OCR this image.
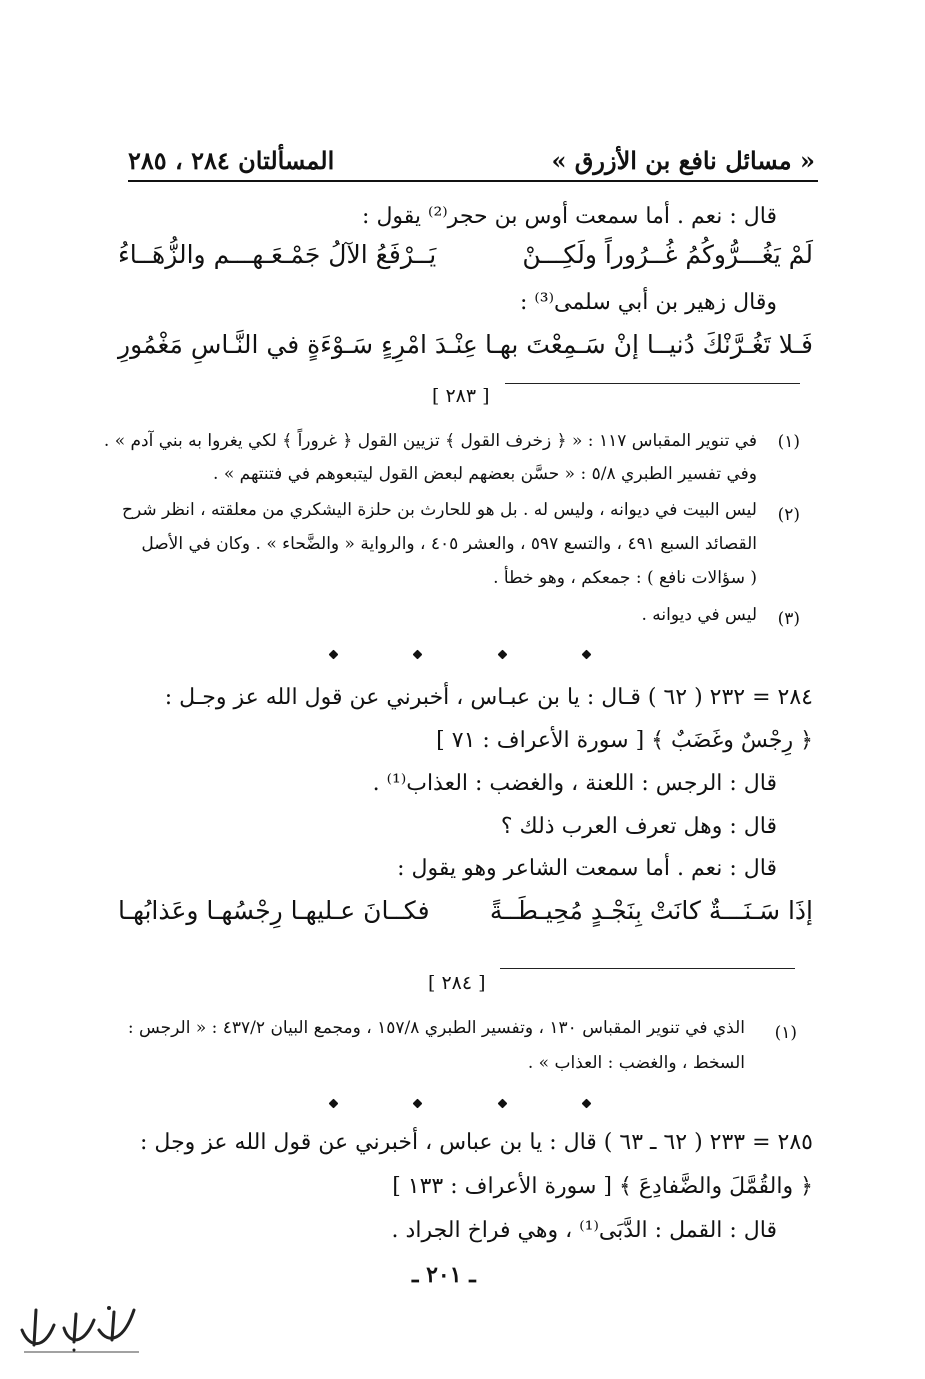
« مسائل نافع بن الأزرق »
المسألتان ٢٨٤ ، ٢٨٥
قال : نعم . أما سمعت أوس بن حجر⁽²⁾ يقول :
لَمْ يَغُـــرُّوكُمُ غُــرُوراً ولَكِـــنْ
يَــرْفَعُ الآلُ جَمْـعَـهـــم والزُّهَــاءُ
وقال زهير بن أبي سلمى⁽³⁾ :
فَـلا تَغُـرَّنْكَ دُنيــا إنْ سَـمِعْتَ بهـا
عِنْـدَ امْرِءٍ سَـوْءَةٍ في النَّـاسِ مَغْمُورِ
[ ٢٨٣ ]
(١)
في تنوير المقباس ١١٧ : « ﴿ زخرف القول ﴾ تزيين القول ﴿ غروراً ﴾ لكي يغروا به بني آدم » .
وفي تفسير الطبري ٥/٨ : « حسَّن بعضهم لبعض القول ليتبعوهم في فتنتهم » .
(٢)
ليس البيت في ديوانه ، وليس له . بل هو للحارث بن حلزة اليشكري من معلقته ، انظر شرح
القصائد السبع ٤٩١ ، والتسع ٥٩٧ ، والعشر ٤٠٥ ، والرواية « والضَّحاء » . وكان في الأصل
( سؤالات نافع ) : جمعكم ، وهو خطأ .
(٣)
ليس في ديوانه .
٢٨٤ = ٢٣٢ ( ٦٢ ) قـال : يا بن عبـاس ، أخبرني عن قول الله عز وجـل :
﴿ رِجْسٌ وغَضَبٌ ﴾ [ سورة الأعراف : ٧١ ]
قال : الرجس : اللعنة ، والغضب : العذاب⁽¹⁾ .
قال : وهل تعرف العرب ذلك ؟
قال : نعم . أما سمعت الشاعر وهو يقول :
إذَا سَـنَـــةٌ كانَتْ بِنَجْـدٍ مُحِيـطَــةً
فكــانَ عـليهـا رِجْسُهـا وعَذابُهـا
[ ٢٨٤ ]
(١)
الذي في تنوير المقباس ١٣٠ ، وتفسير الطبري ١٥٧/٨ ، ومجمع البيان ٤٣٧/٢ : « الرجس :
السخط ، والغضب : العذاب » .
٢٨٥ = ٢٣٣ ( ٦٢ ـ ٦٣ ) قال : يا بن عباس ، أخبرني عن قول الله عز وجل :
﴿ والقُمَّلَ والضَّفادِعَ ﴾ [ سورة الأعراف : ١٣٣ ]
قال : القمل : الدَّبَى⁽¹⁾ ، وهي فراخ الجراد .
ـ ٢٠١ ـ
